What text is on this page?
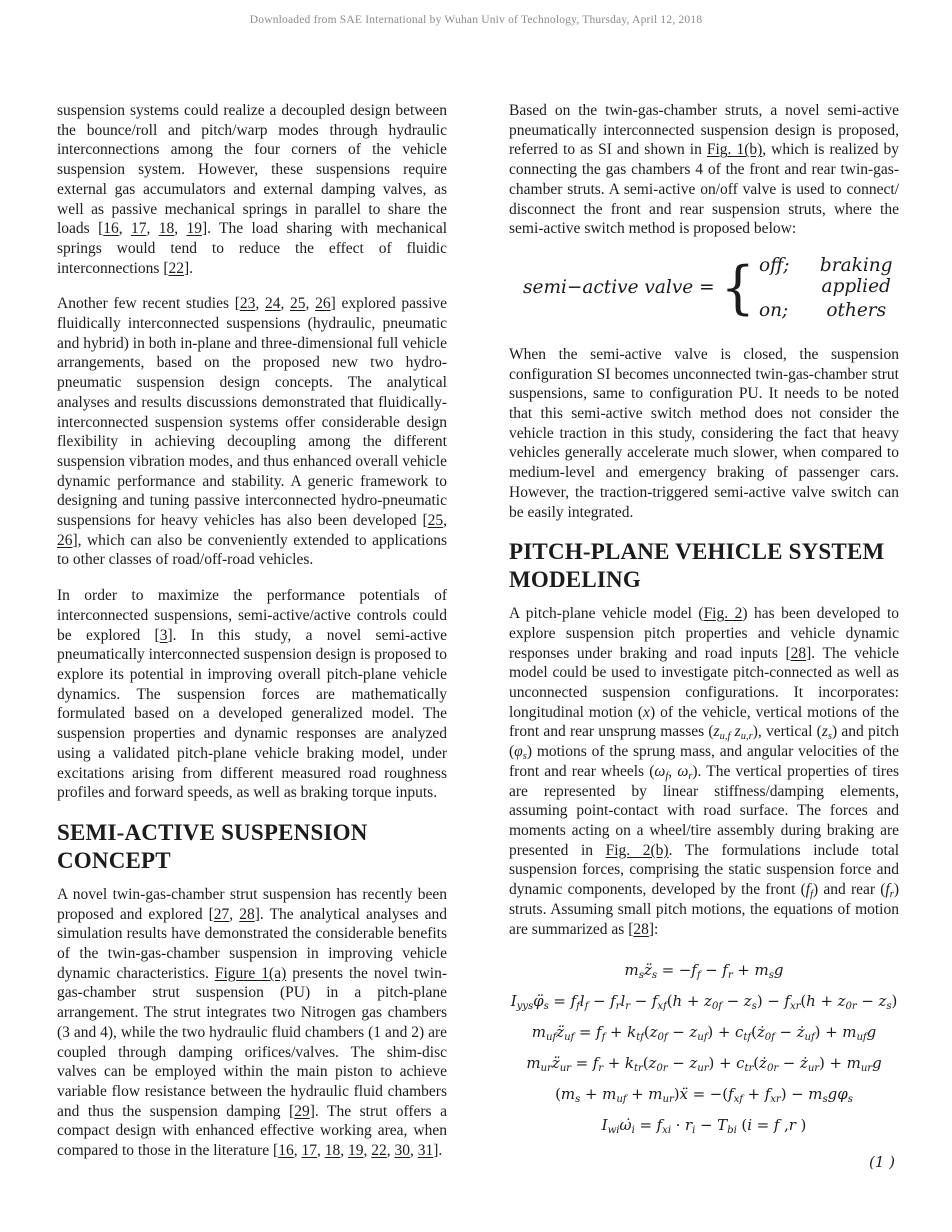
Downloaded from SAE International by Wuhan Univ of Technology, Thursday, April 12, 2018

suspension systems could realize a decoupled design between the bounce/roll and pitch/warp modes through hydraulic interconnections among the four corners of the vehicle suspension system. However, these suspensions require external gas accumulators and external damping valves, as well as passive mechanical springs in parallel to share the loads [16, 17, 18, 19]. The load sharing with mechanical springs would tend to reduce the effect of fluidic interconnections [22].

Another few recent studies [23, 24, 25, 26] explored passive fluidically interconnected suspensions (hydraulic, pneumatic and hybrid) in both in-plane and three-dimensional full vehicle arrangements, based on the proposed new two hydro-pneumatic suspension design concepts. The analytical analyses and results discussions demonstrated that fluidically-interconnected suspension systems offer considerable design flexibility in achieving decoupling among the different suspension vibration modes, and thus enhanced overall vehicle dynamic performance and stability. A generic framework to designing and tuning passive interconnected hydro-pneumatic suspensions for heavy vehicles has also been developed [25, 26], which can also be conveniently extended to applications to other classes of road/off-road vehicles.

In order to maximize the performance potentials of interconnected suspensions, semi-active/active controls could be explored [3]. In this study, a novel semi-active pneumatically interconnected suspension design is proposed to explore its potential in improving overall pitch-plane vehicle dynamics. The suspension forces are mathematically formulated based on a developed generalized model. The suspension properties and dynamic responses are analyzed using a validated pitch-plane vehicle braking model, under excitations arising from different measured road roughness profiles and forward speeds, as well as braking torque inputs.

SEMI-ACTIVE SUSPENSION CONCEPT

A novel twin-gas-chamber strut suspension has recently been proposed and explored [27, 28]. The analytical analyses and simulation results have demonstrated the considerable benefits of the twin-gas-chamber suspension in improving vehicle dynamic characteristics. Figure 1(a) presents the novel twin-gas-chamber strut suspension (PU) in a pitch-plane arrangement. The strut integrates two Nitrogen gas chambers (3 and 4), while the two hydraulic fluid chambers (1 and 2) are coupled through damping orifices/valves. The shim-disc valves can be employed within the main piston to achieve variable flow resistance between the hydraulic fluid chambers and thus the suspension damping [29]. The strut offers a compact design with enhanced effective working area, when compared to those in the literature [16, 17, 18, 19, 22, 30, 31].

Based on the twin-gas-chamber struts, a novel semi-active pneumatically interconnected suspension design is proposed, referred to as SI and shown in Fig. 1(b), which is realized by connecting the gas chambers 4 of the front and rear twin-gas-chamber struts. A semi-active on/off valve is used to connect/ disconnect the front and rear suspension struts, where the semi-active switch method is proposed below:

semi−active valve = { off;	braking applied
on;	others

When the semi-active valve is closed, the suspension configuration SI becomes unconnected twin-gas-chamber strut suspensions, same to configuration PU. It needs to be noted that this semi-active switch method does not consider the vehicle traction in this study, considering the fact that heavy vehicles generally accelerate much slower, when compared to medium-level and emergency braking of passenger cars. However, the traction-triggered semi-active valve switch can be easily integrated.

PITCH-PLANE VEHICLE SYSTEM MODELING

A pitch-plane vehicle model (Fig. 2) has been developed to explore suspension pitch properties and vehicle dynamic responses under braking and road inputs [28]. The vehicle model could be used to investigate pitch-connected as well as unconnected suspension configurations. It incorporates: longitudinal motion (x) of the vehicle, vertical motions of the front and rear unsprung masses ($z_{u,f}$ $z_{u,r}$), vertical $(z_s)$ and pitch $(\varphi_s)$ motions of the sprung mass, and angular velocities of the front and rear wheels ($\omega_f$, $\omega_r$). The vertical properties of tires are represented by linear stiffness/damping elements, assuming point-contact with road surface. The forces and moments acting on a wheel/tire assembly during braking are presented in Fig. 2(b). The formulations include total suspension forces, comprising the static suspension force and dynamic components, developed by the front $(f_f)$ and rear $(f_r)$ struts. Assuming small pitch motions, the equations of motion are summarized as [28]:

$m_sz̈_s = -f_f - f_r + m_sg$
$I_{yys}\varphï_s = f_fl_f - f_rl_r - f_{xf}(h + z_{0f} - z_s) - f_{xr}(h + z_{0r} - z_s)$
$m_{uf}z̈_{uf} = f_f + k_{tf}(z_{0f} - z_{uf})$ + $c_{tf}(ż_{0f}$ − $ż_{uf}) + m_{uf}g$
$m_{ur}z̈_{ur} = f_r + k_{tr}(z_{0r} - z_{ur})$ + $c_{tr}(ż_{0r}$ − $ż_{ur}) + m_{ur}g$
($m_s + m_{uf}$ + $m_{ur})ẍ = -(f_{xf} + f_{xr}) - m_sg\varphi_s$
$I_{wi}\omegȧ_i = f_{xi} \cdot r_i - T_{bi}$ (i = f ,r )
(1 )
